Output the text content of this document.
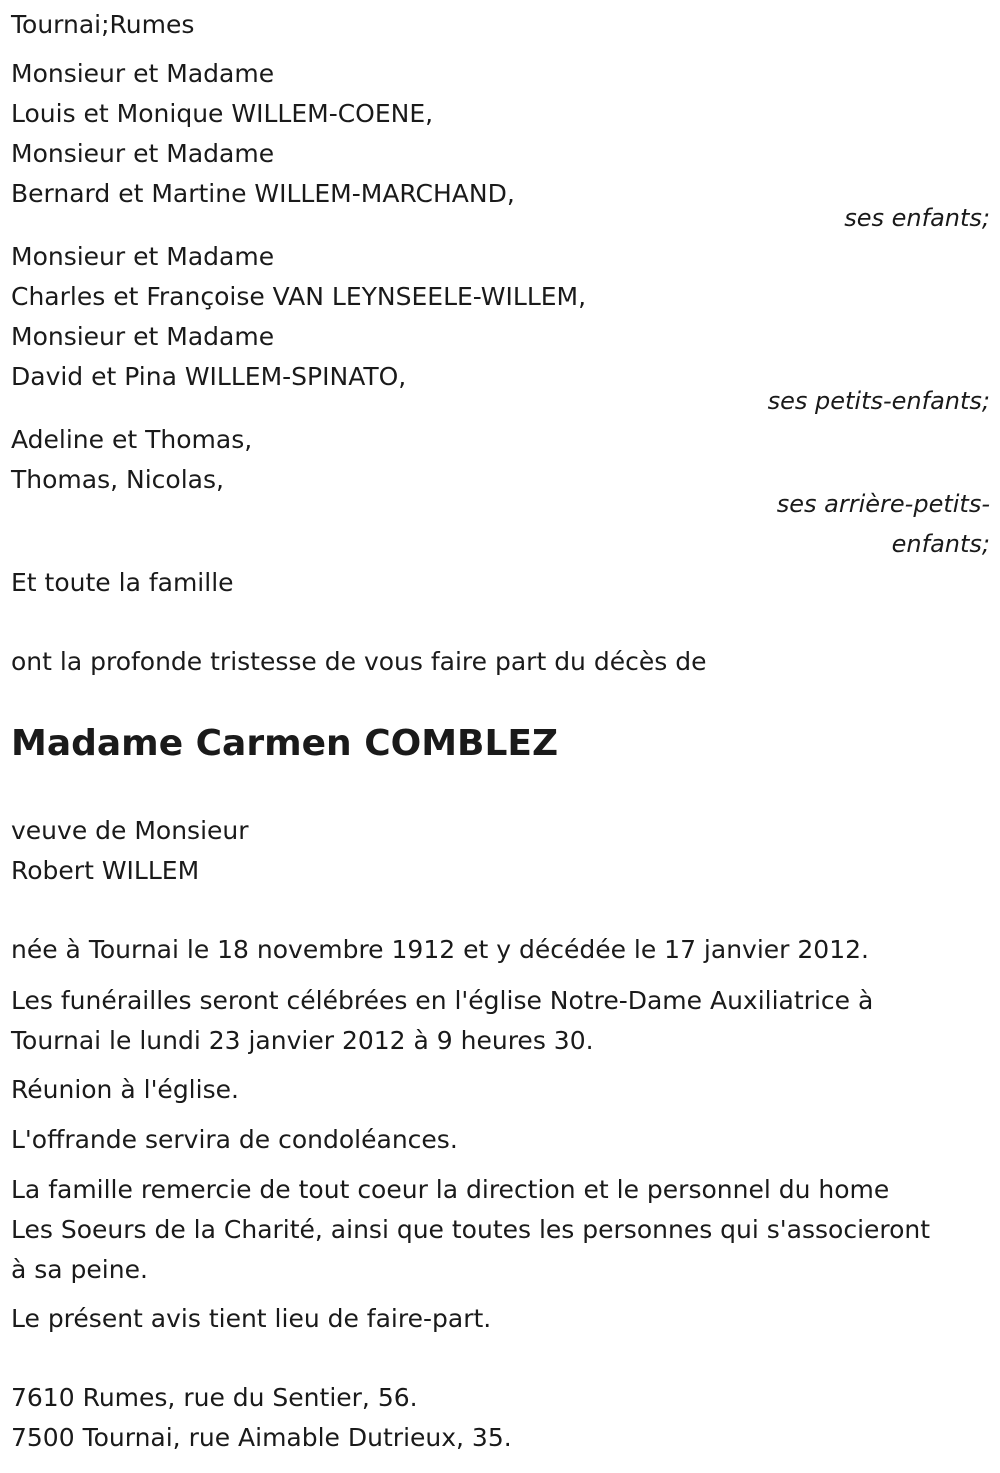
Tournai;Rumes

Monsieur et Madame

Louis et Monique WILLEM-COENE,

Monsieur et Madame

Bernard et Martine WILLEM-MARCHAND,

ses enfants;

Monsieur et Madame

Charles et Françoise VAN LEYNSEELE-WILLEM,

Monsieur et Madame

David et Pina WILLEM-SPINATO,

ses petits-enfants;

Adeline et Thomas,

Thomas, Nicolas,

ses arrière-petits-

enfants;

Et toute la famille

ont la profonde tristesse de vous faire part du décès de

Madame Carmen COMBLEZ

veuve de Monsieur

Robert WILLEM

née à Tournai le 18 novembre 1912 et y décédée le 17 janvier 2012.

Les funérailles seront célébrées en l'église Notre-Dame Auxiliatrice à

Tournai le lundi 23 janvier 2012 à 9 heures 30.

Réunion à l'église.

L'offrande servira de condoléances.

La famille remercie de tout coeur la direction et le personnel du home

Les Soeurs de la Charité, ainsi que toutes les personnes qui s'associeront

à sa peine.

Le présent avis tient lieu de faire-part.

7610 Rumes, rue du Sentier, 56.

7500 Tournai, rue Aimable Dutrieux, 35.
